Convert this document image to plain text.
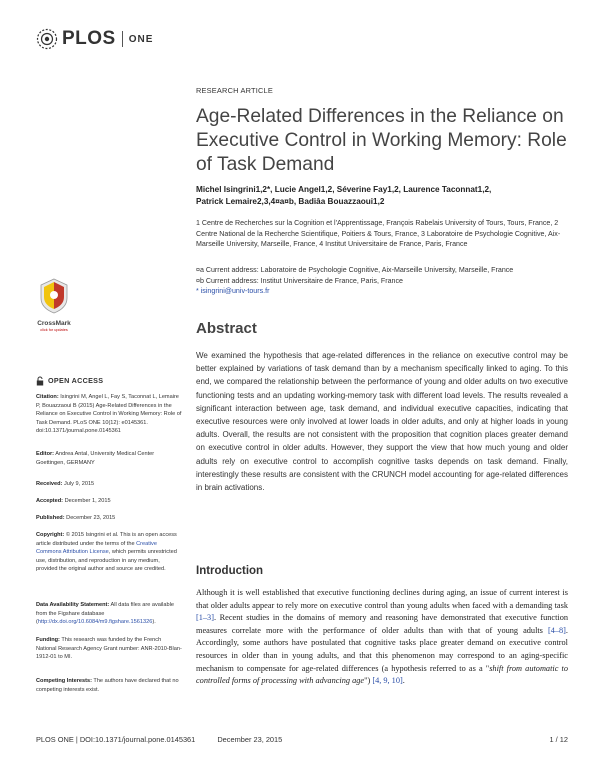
PLOS ONE
RESEARCH ARTICLE
Age-Related Differences in the Reliance on Executive Control in Working Memory: Role of Task Demand
Michel Isingrini1,2*, Lucie Angel1,2, Séverine Fay1,2, Laurence Taconnat1,2,
Patrick Lemaire2,3,4¤a¤b, Badiâa Bouazzaoui1,2
1 Centre de Recherches sur la Cognition et l'Apprentissage, François Rabelais University of Tours, Tours, France, 2 Centre National de la Recherche Scientifique, Poitiers & Tours, France, 3 Laboratoire de Psychologie Cognitive, Aix-Marseille University, Marseille, France, 4 Institut Universitaire de France, Paris, France
¤a Current address: Laboratoire de Psychologie Cognitive, Aix-Marseille University, Marseille, France
¤b Current address: Institut Universitaire de France, Paris, France
* isingrini@univ-tours.fr
Abstract

We examined the hypothesis that age-related differences in the reliance on executive control may be better explained by variations of task demand than by a mechanism specifically linked to aging. To this end, we compared the relationship between the performance of young and older adults on two executive functioning tests and an updating working-memory task with different load levels. The results revealed a significant interaction between age, task demand, and individual executive capacities, indicating that executive resources were only involved at lower loads in older adults, and only at higher loads in young adults. Overall, the results are not consistent with the proposition that cognition places greater demand on executive control in older adults. However, they support the view that how much young and older adults rely on executive control to accomplish cognitive tasks depends on task demand. Finally, interestingly these results are consistent with the CRUNCH model accounting for age-related differences in brain activations.

Introduction

Although it is well established that executive functioning declines during aging, an issue of current interest is that older adults appear to rely more on executive control than young adults when faced with a demanding task [1–3]. Recent studies in the domains of memory and reasoning have demonstrated that executive function measures correlate more with the performance of older adults than with that of young adults [4–8]. Accordingly, some authors have postulated that cognitive tasks place greater demand on executive control resources in older than in young adults, and that this phenomenon may correspond to an aging-specific mechanism to compensate for age-related differences (a hypothesis referred to as a "shift from automatic to controlled forms of processing with advancing age") [4, 9, 10].

CrossMark
click for updates
OPEN ACCESS
Citation: Isingrini M, Angel L, Fay S, Taconnat L, Lemaire P, Bouazzaoui B (2015) Age-Related Differences in the Reliance on Executive Control in Working Memory: Role of Task Demand. PLoS ONE 10(12): e0145361. doi:10.1371/journal.pone.0145361
Editor: Andrea Antal, University Medical Center Goettingen, GERMANY
Received: July 9, 2015
Accepted: December 1, 2015
Published: December 23, 2015
Copyright: © 2015 Isingrini et al. This is an open access article distributed under the terms of the Creative Commons Attribution License, which permits unrestricted use, distribution, and reproduction in any medium, provided the original author and source are credited.
Data Availability Statement: All data files are available from the Figshare database (http://dx.doi.org/10.6084/m9.figshare.1561326).
Funding: This research was funded by the French National Research Agency Grant number: ANR-2010-Blan-1912-01 to MI.
Competing Interests: The authors have declared that no competing interests exist.
PLOS ONE | DOI:10.1371/journal.pone.0145361	December 23, 2015	1 / 12
